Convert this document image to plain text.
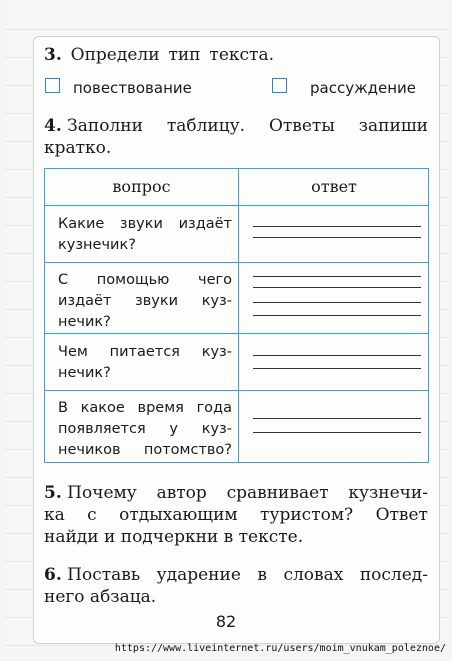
3. Определи тип текста.
повествование	рассуждение
4. Заполни таблицу. Ответы запиши
кратко.
вопрос	ответ
Какие звуки издаёт
кузнечик?
С помощью чего
издаёт звуки куз-
нечик?
Чем питается куз-
нечик?
В какое время года
появляется у куз-
нечиков потомство?
5. Почему автор сравнивает кузнечи-
ка с отдыхающим туристом? Ответ
найди и подчеркни в тексте.
6. Поставь ударение в словах послед-
него абзаца.
82
https://www.liveinternet.ru/users/moim_vnukam_poleznoe/
